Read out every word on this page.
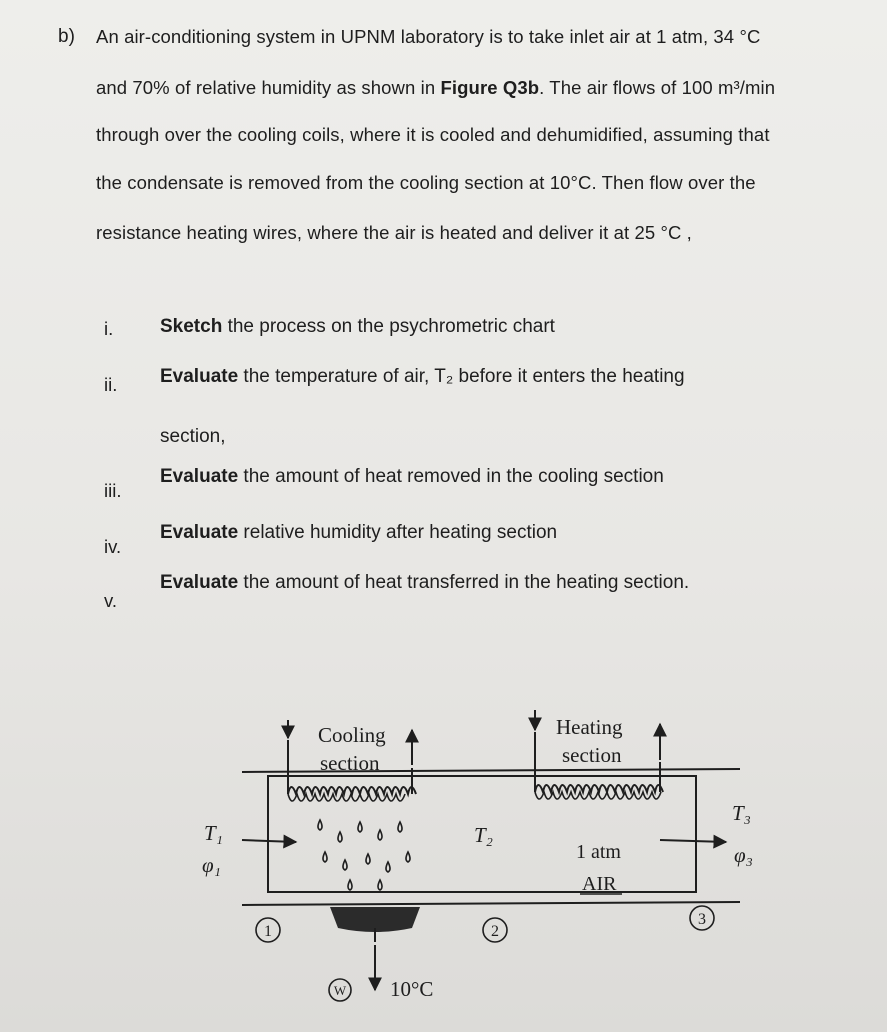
b) An air-conditioning system in UPNM laboratory is to take inlet air at 1 atm, 34 °C
and 70% of relative humidity as shown in Figure Q3b. The air flows of 100 m³/min
through over the cooling coils, where it is cooled and dehumidified, assuming that
the condensate is removed from the cooling section at 10°C. Then flow over the
resistance heating wires, where the air is heated and deliver it at 25 °C ,
i. Sketch the process on the psychrometric chart
ii. Evaluate the temperature of air, T₂ before it enters the heating
section,
iii.
Evaluate the amount of heat removed in the cooling section
iv.
Evaluate relative humidity after heating section
v.
Evaluate the amount of heat transferred in the heating section.
Cooling
section
W 10°C
T₁
φ₁
1
T₂
2
Heating
section
1 atm
AIR
T₃
φ₃
3
